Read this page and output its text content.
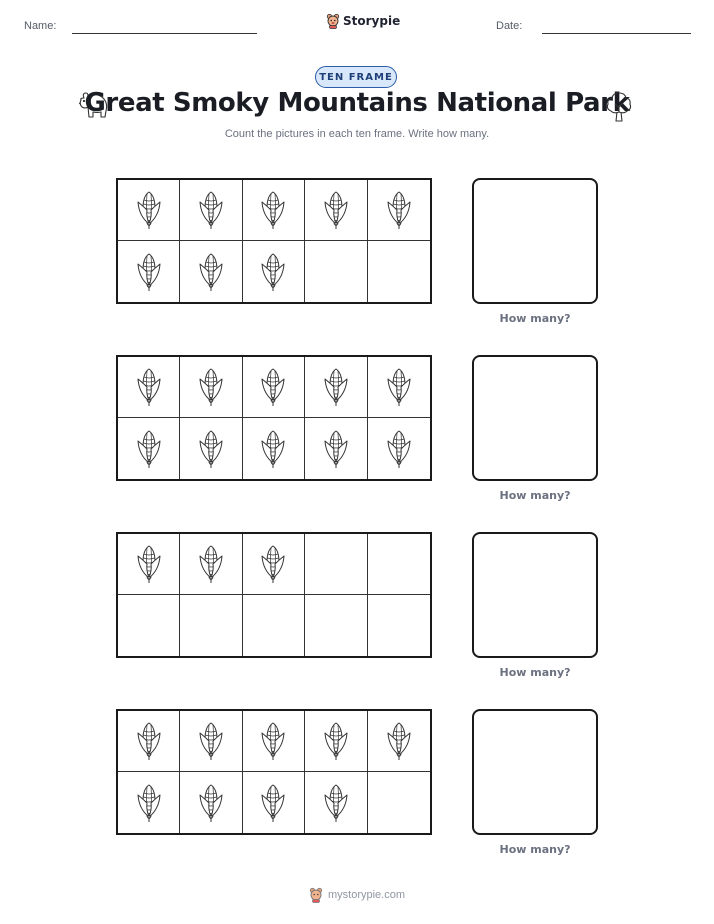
Name:	Storypie	Date:
TEN FRAME
Great Smoky Mountains National Park
Count the pictures in each ten frame. Write how many.
How many?
How many?
How many?
How many?
mystorypie.com
